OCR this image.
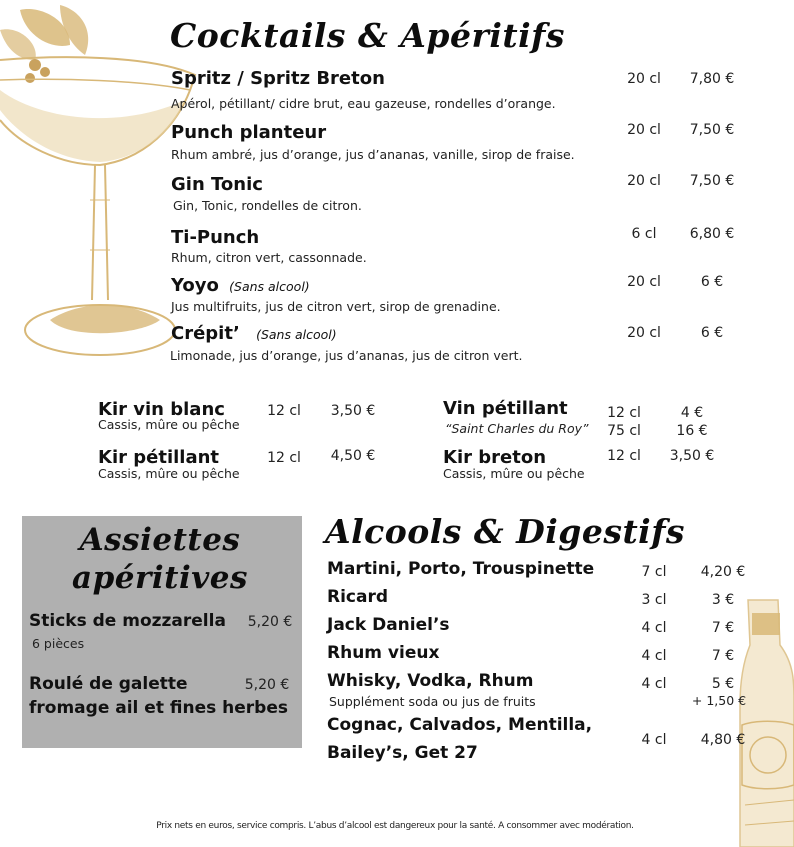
Cocktails & Apéritifs
Spritz / Spritz Breton
Apérol, pétillant/ cidre brut, eau gazeuse, rondelles d’orange.
20 cl	7,80 €
Punch planteur
Rhum ambré, jus d’orange, jus d’ananas, vanille, sirop de fraise.
20 cl	7,50 €
Gin Tonic
Gin, Tonic, rondelles de citron.
20 cl	7,50 €
Ti-Punch
Rhum, citron vert, cassonnade.
6 cl	6,80 €
Yoyo (Sans alcool)
Jus multifruits, jus de citron vert, sirop de grenadine.
20 cl	6 €
Crépit’ (Sans alcool)
Limonade, jus d’orange, jus d’ananas, jus de citron vert.
20 cl	6 €
Kir vin blanc
Cassis, mûre ou pêche
12 cl	3,50 €
Kir pétillant
Cassis, mûre ou pêche
12 cl	4,50 €
Vin pétillant
“Saint Charles du Roy”
12 cl	4 €
75 cl	16 €
Kir breton
Cassis, mûre ou pêche
12 cl	3,50 €
Assiettes
apéritives
Sticks de mozzarella
6 pièces
5,20 €
Roulé de galette
fromage ail et fines herbes
5,20 €
Alcools & Digestifs
Martini, Porto, Trouspinette	7 cl	4,20 €
Ricard	3 cl	3 €
Jack Daniel’s	4 cl	7 €
Rhum vieux	4 cl	7 €
Whisky, Vodka, Rhum
Supplément soda ou jus de fruits
4 cl	5 €
+ 1,50 €
Cognac, Calvados, Mentilla,
Bailey’s, Get 27
4 cl	4,80 €
Prix nets en euros, service compris. L’abus d’alcool est dangereux pour la santé. A consommer avec modération.
